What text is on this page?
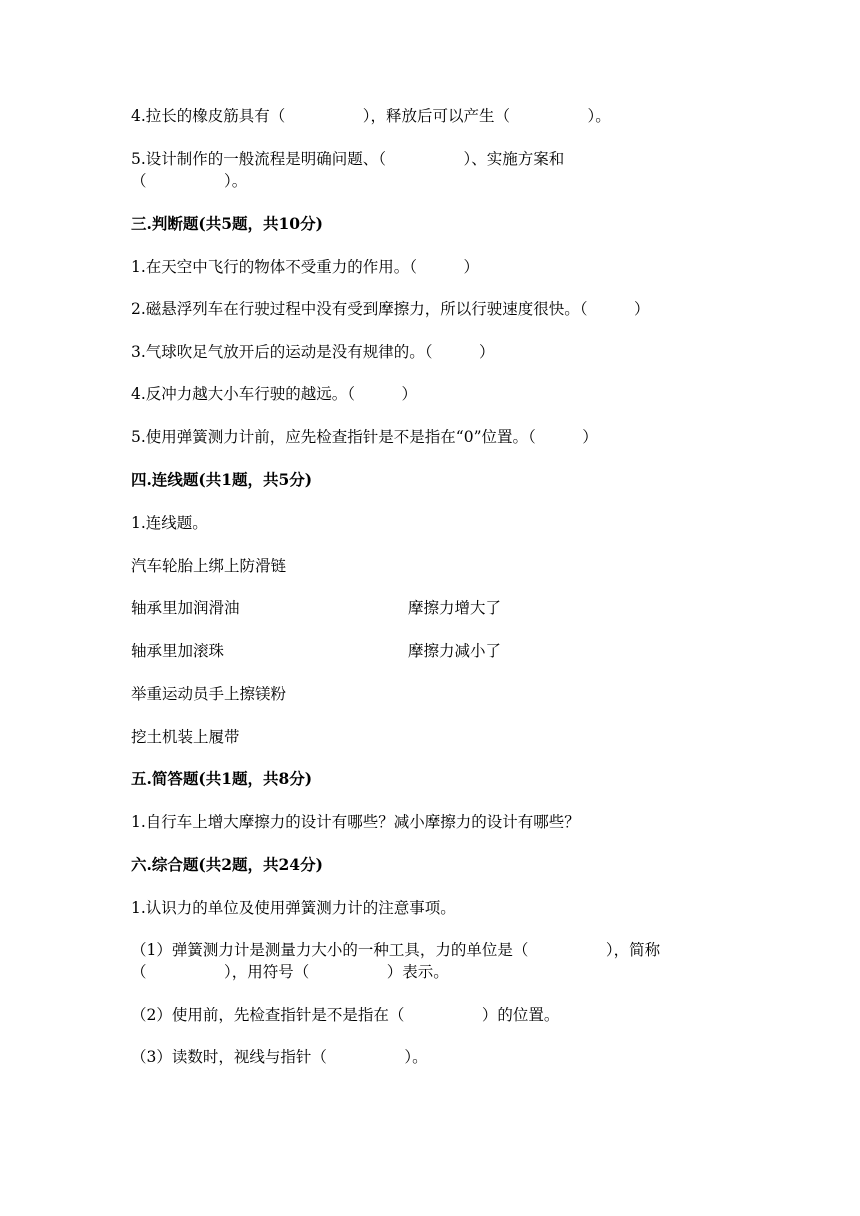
4.拉长的橡皮筋具有（　　　　　），释放后可以产生（　　　　　）。
5.设计制作的一般流程是明确问题、（　　　　　）、实施方案和
（　　　　　）。
三.判断题(共5题，共10分)
1.在天空中飞行的物体不受重力的作用。（　　　）
2.磁悬浮列车在行驶过程中没有受到摩擦力，所以行驶速度很快。（　　　）
3.气球吹足气放开后的运动是没有规律的。（　　　）
4.反冲力越大小车行驶的越远。（　　　）
5.使用弹簧测力计前，应先检查指针是不是指在“0”位置。（　　　）
四.连线题(共1题，共5分)
1.连线题。
汽车轮胎上绑上防滑链
轴承里加润滑油	摩擦力增大了
轴承里加滚珠	摩擦力减小了
举重运动员手上擦镁粉
挖土机装上履带
五.简答题(共1题，共8分)
1.自行车上增大摩擦力的设计有哪些？减小摩擦力的设计有哪些？
六.综合题(共2题，共24分)
1.认识力的单位及使用弹簧测力计的注意事项。
（1）弹簧测力计是测量力大小的一种工具，力的单位是（　　　　　），简称
（　　　　　），用符号（　　　　　）表示。
（2）使用前，先检查指针是不是指在（　　　　　）的位置。
（3）读数时，视线与指针（　　　　　）。
